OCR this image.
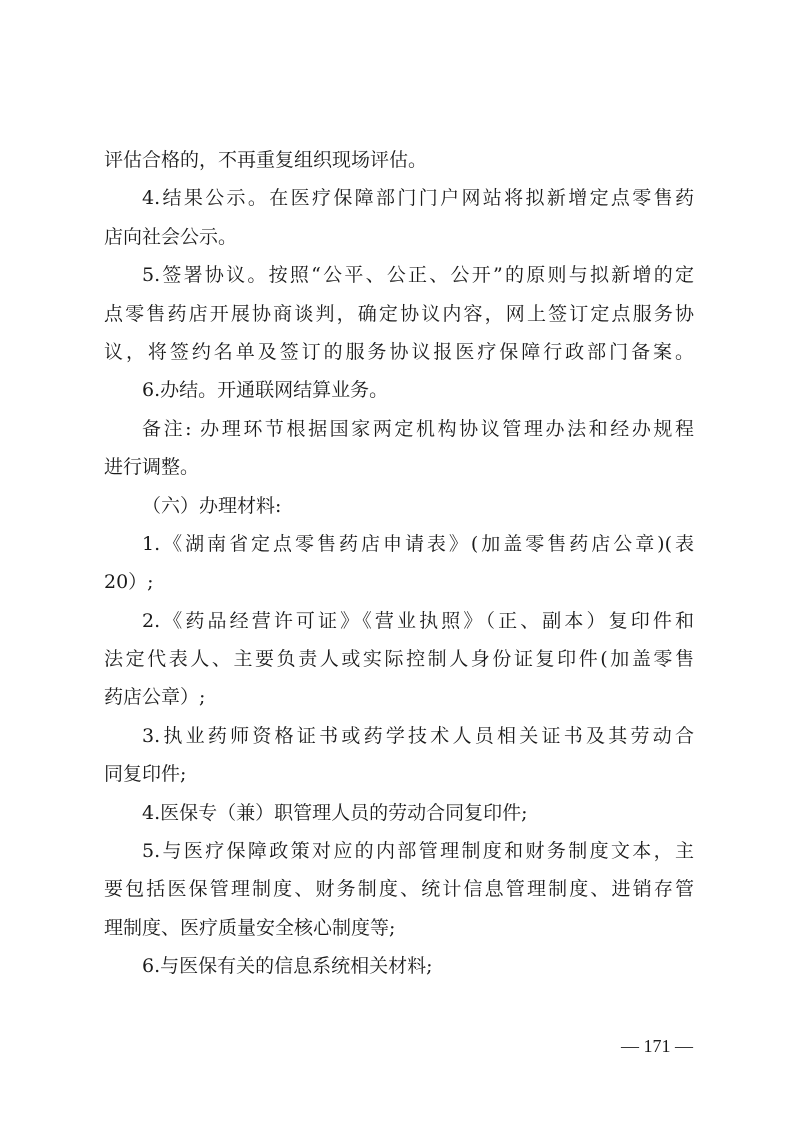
评估合格的，不再重复组织现场评估。
4.结果公示。在医疗保障部门门户网站将拟新增定点零售药
店向社会公示。
5.签署协议。按照“公平、公正、公开”的原则与拟新增的定
点零售药店开展协商谈判，确定协议内容，网上签订定点服务协
议，将签约名单及签订的服务协议报医疗保障行政部门备案。
6.办结。开通联网结算业务。
备注: 办理环节根据国家两定机构协议管理办法和经办规程
进行调整。
（六）办理材料:
1.《湖南省定点零售药店申请表》(加盖零售药店公章)(表
20）;
2.《药品经营许可证》《营业执照》（正、副本）复印件和
法定代表人、主要负责人或实际控制人身份证复印件(加盖零售
药店公章）;
3.执业药师资格证书或药学技术人员相关证书及其劳动合
同复印件;
4.医保专（兼）职管理人员的劳动合同复印件;
5.与医疗保障政策对应的内部管理制度和财务制度文本，主
要包括医保管理制度、财务制度、统计信息管理制度、进销存管
理制度、医疗质量安全核心制度等;
6.与医保有关的信息系统相关材料;
— 171 —
